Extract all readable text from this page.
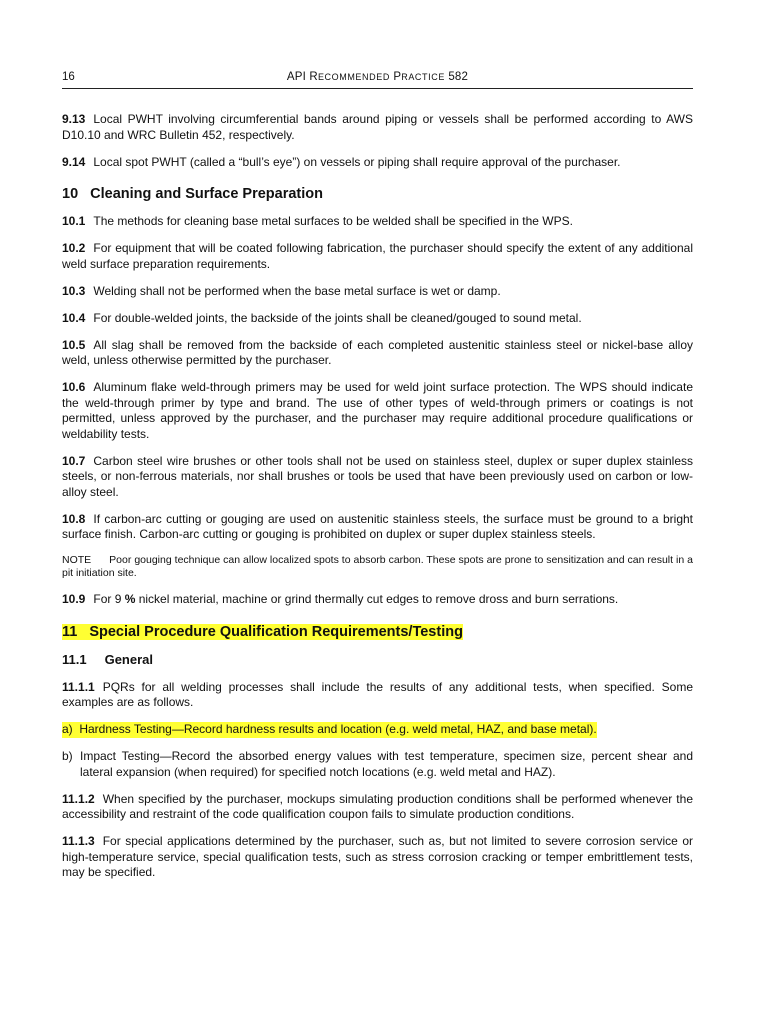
16	API RECOMMENDED PRACTICE 582

9.13 Local PWHT involving circumferential bands around piping or vessels shall be performed according to AWS D10.10 and WRC Bulletin 452, respectively.

9.14 Local spot PWHT (called a “bull’s eye”) on vessels or piping shall require approval of the purchaser.

10 Cleaning and Surface Preparation

10.1 The methods for cleaning base metal surfaces to be welded shall be specified in the WPS.

10.2 For equipment that will be coated following fabrication, the purchaser should specify the extent of any additional weld surface preparation requirements.

10.3 Welding shall not be performed when the base metal surface is wet or damp.

10.4 For double-welded joints, the backside of the joints shall be cleaned/gouged to sound metal.

10.5 All slag shall be removed from the backside of each completed austenitic stainless steel or nickel-base alloy weld, unless otherwise permitted by the purchaser.

10.6 Aluminum flake weld-through primers may be used for weld joint surface protection. The WPS should indicate the weld-through primer by type and brand. The use of other types of weld-through primers or coatings is not permitted, unless approved by the purchaser, and the purchaser may require additional procedure qualifications or weldability tests.

10.7 Carbon steel wire brushes or other tools shall not be used on stainless steel, duplex or super duplex stainless steels, or non-ferrous materials, nor shall brushes or tools be used that have been previously used on carbon or low-alloy steel.

10.8 If carbon-arc cutting or gouging are used on austenitic stainless steels, the surface must be ground to a bright surface finish. Carbon-arc cutting or gouging is prohibited on duplex or super duplex stainless steels.

NOTE Poor gouging technique can allow localized spots to absorb carbon. These spots are prone to sensitization and can result in a pit initiation site.

10.9 For 9 % nickel material, machine or grind thermally cut edges to remove dross and burn serrations.

11 Special Procedure Qualification Requirements/Testing
11.1 General

11.1.1 PQRs for all welding processes shall include the results of any additional tests, when specified. Some examples are as follows.

a) Hardness Testing—Record hardness results and location (e.g. weld metal, HAZ, and base metal).
b) Impact Testing—Record the absorbed energy values with test temperature, specimen size, percent shear and lateral expansion (when required) for specified notch locations (e.g. weld metal and HAZ).

11.1.2 When specified by the purchaser, mockups simulating production conditions shall be performed whenever the accessibility and restraint of the code qualification coupon fails to simulate production conditions.

11.1.3 For special applications determined by the purchaser, such as, but not limited to severe corrosion service or high-temperature service, special qualification tests, such as stress corrosion cracking or temper embrittlement tests, may be specified.
